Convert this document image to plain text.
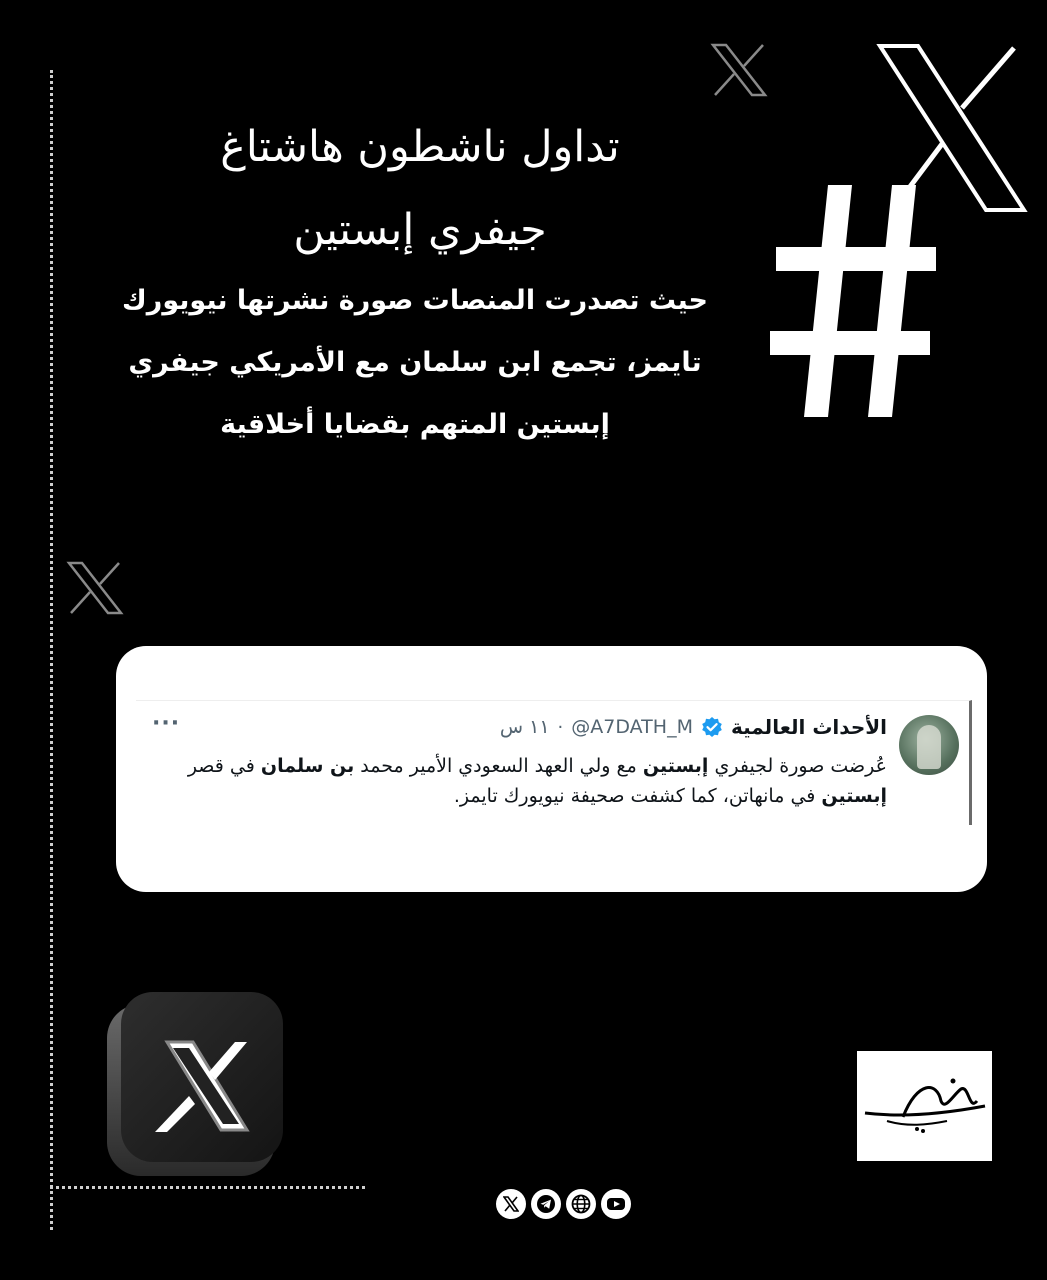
تداول ناشطون هاشتاغ
جيفري إبستين
حيث تصدرت المنصات صورة نشرتها نيويورك
تايمز، تجمع ابن سلمان مع الأمريكي جيفري
إبستين المتهم بقضايا أخلاقية
الأحداث العالمية
@A7DATH_M
·
١١ س
···
عُرضت صورة لجيفري إبستين مع ولي العهد السعودي الأمير محمد بن سلمان في قصر إبستين في مانهاتن، كما كشفت صحيفة نيويورك تايمز.
